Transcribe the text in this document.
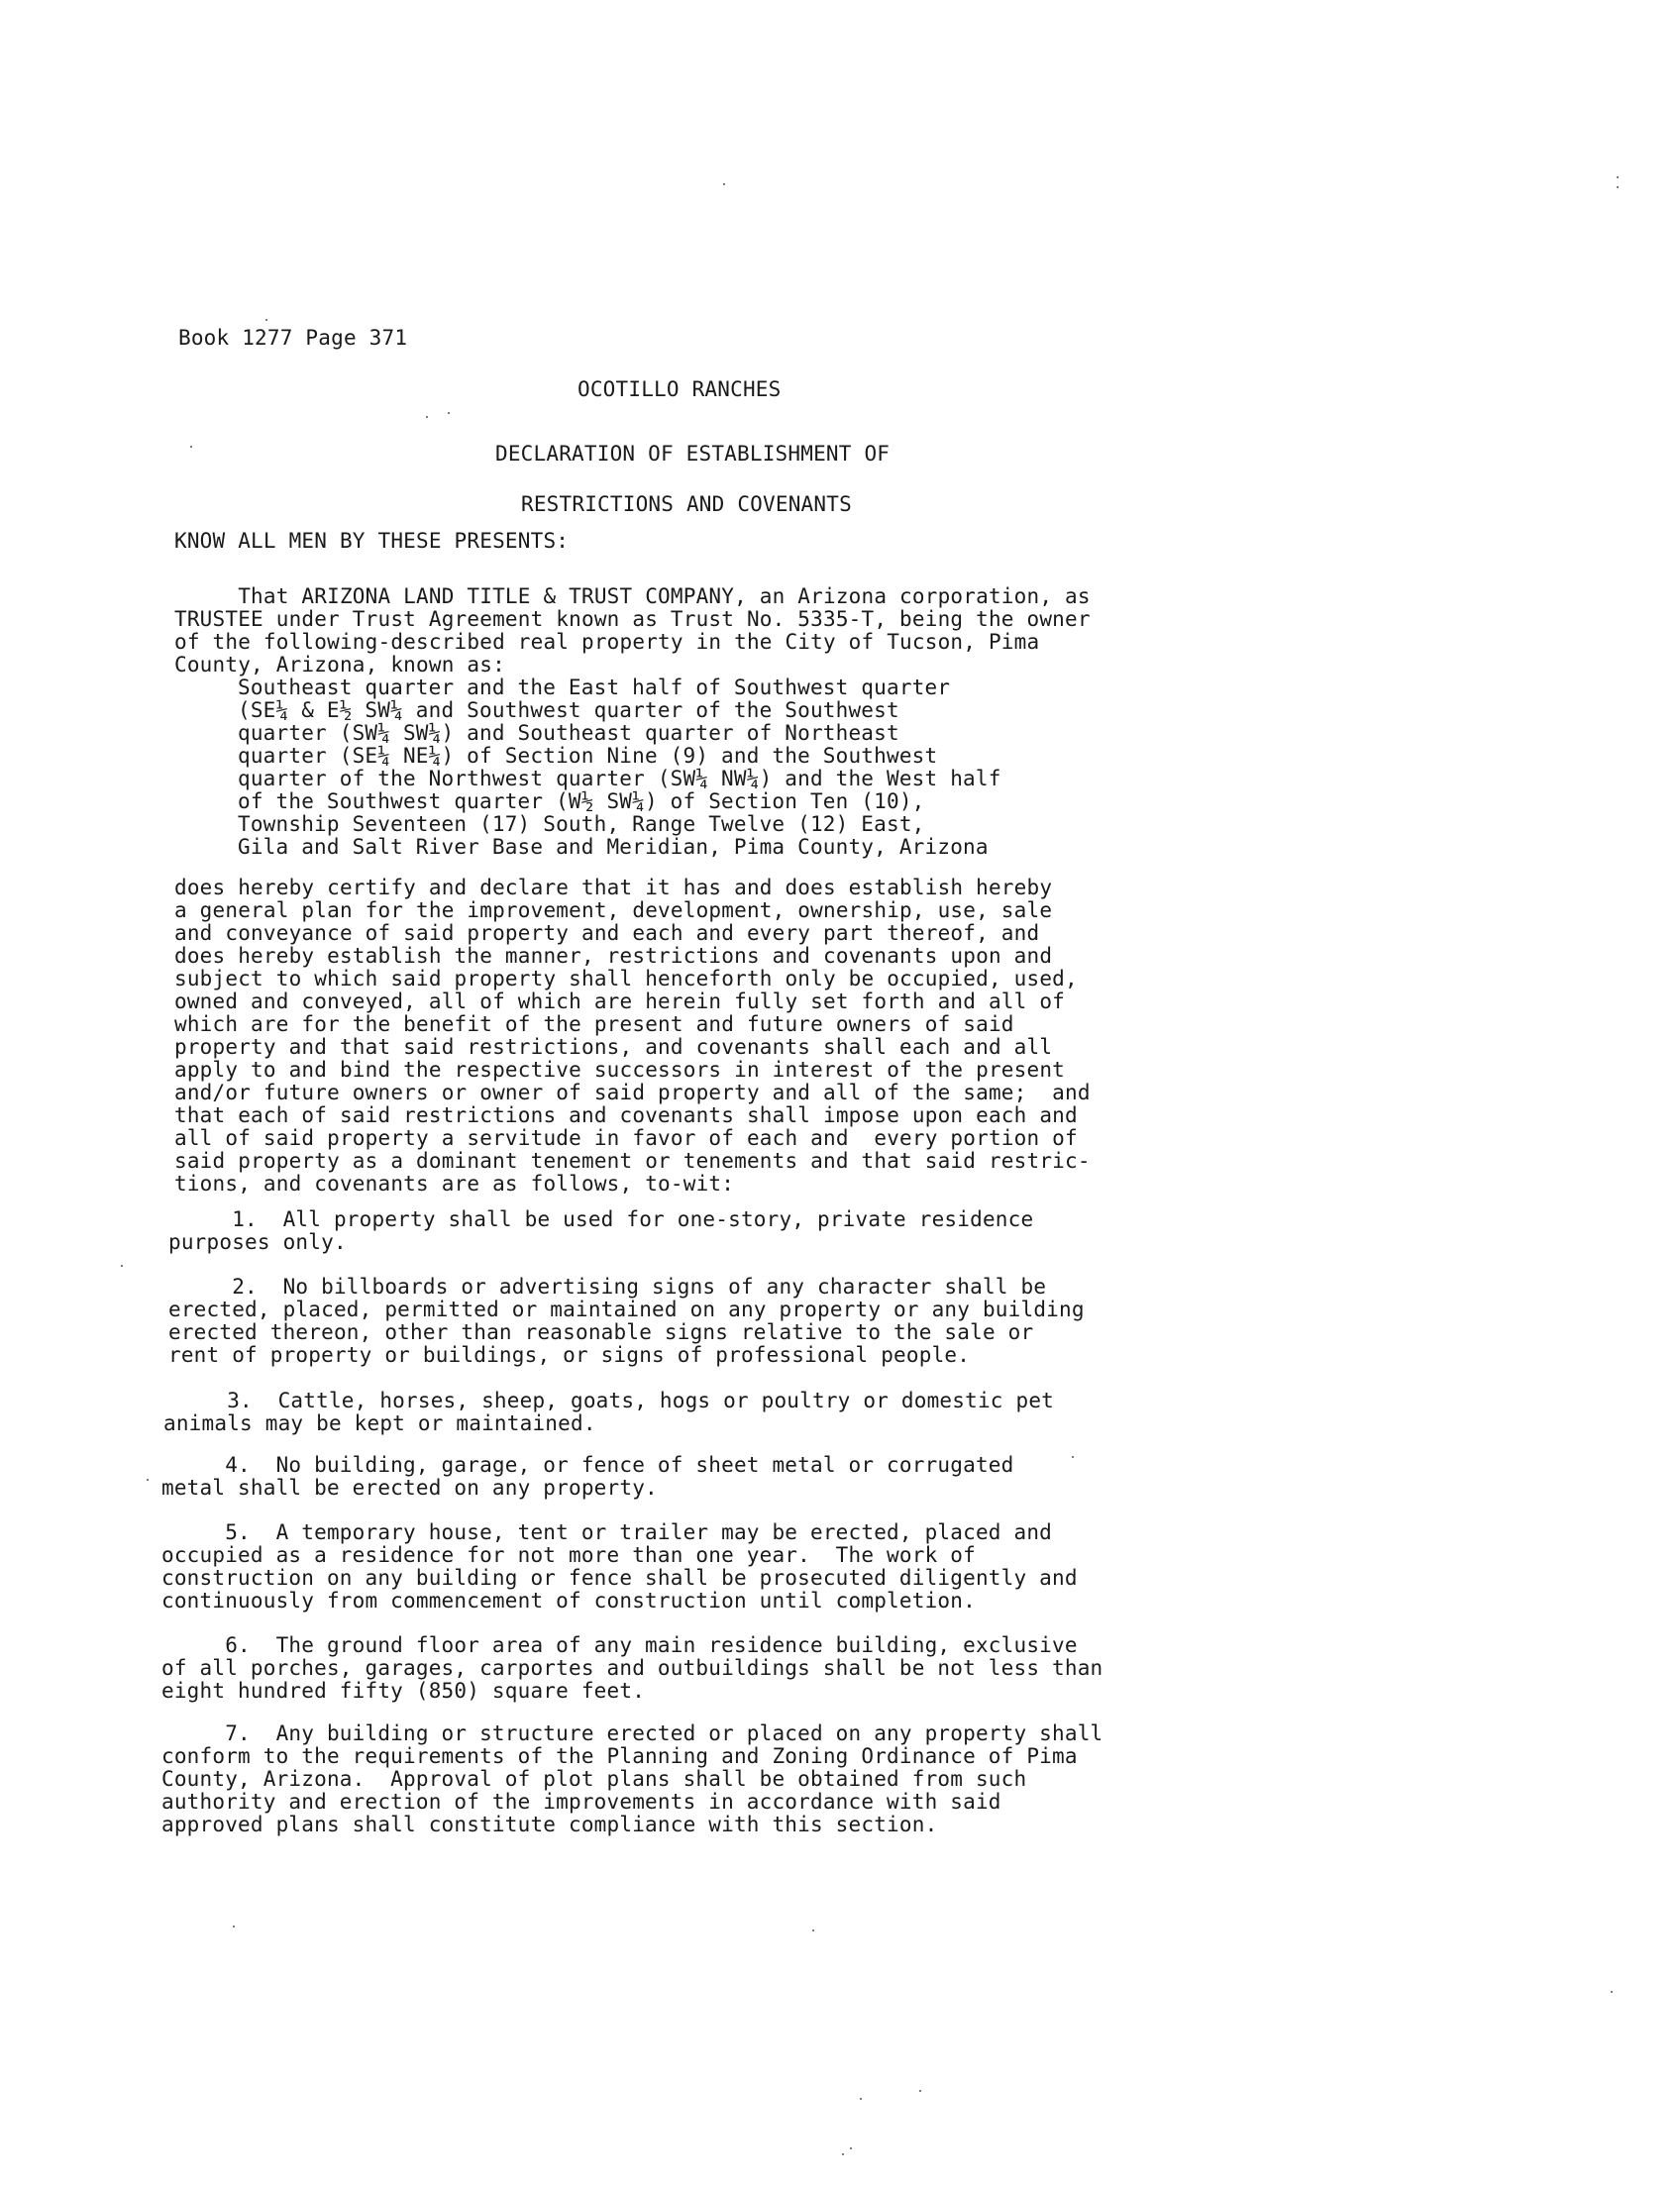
Book 1277 Page 371
OCOTILLO RANCHES
DECLARATION OF ESTABLISHMENT OF
RESTRICTIONS AND COVENANTS
KNOW ALL MEN BY THESE PRESENTS:
That ARIZONA LAND TITLE & TRUST COMPANY, an Arizona corporation, as
TRUSTEE under Trust Agreement known as Trust No. 5335-T, being the owner
of the following-described real property in the City of Tucson, Pima
County, Arizona, known as:
Southeast quarter and the East half of Southwest quarter
(SE¼ & E½ SW¼ and Southwest quarter of the Southwest
quarter (SW¼ SW¼) and Southeast quarter of Northeast
quarter (SE¼ NE¼) of Section Nine (9) and the Southwest
quarter of the Northwest quarter (SW¼ NW¼) and the West half
of the Southwest quarter (W½ SW¼) of Section Ten (10),
Township Seventeen (17) South, Range Twelve (12) East,
Gila and Salt River Base and Meridian, Pima County, Arizona
does hereby certify and declare that it has and does establish hereby
a general plan for the improvement, development, ownership, use, sale
and conveyance of said property and each and every part thereof, and
does hereby establish the manner, restrictions and covenants upon and
subject to which said property shall henceforth only be occupied, used,
owned and conveyed, all of which are herein fully set forth and all of
which are for the benefit of the present and future owners of said
property and that said restrictions, and covenants shall each and all
apply to and bind the respective successors in interest of the present
and/or future owners or owner of said property and all of the same;  and
that each of said restrictions and covenants shall impose upon each and
all of said property a servitude in favor of each and  every portion of
said property as a dominant tenement or tenements and that said restric-
tions, and covenants are as follows, to-wit:
1.  All property shall be used for one-story, private residence
purposes only.
2.  No billboards or advertising signs of any character shall be
erected, placed, permitted or maintained on any property or any building
erected thereon, other than reasonable signs relative to the sale or
rent of property or buildings, or signs of professional people.
3.  Cattle, horses, sheep, goats, hogs or poultry or domestic pet
animals may be kept or maintained.
4.  No building, garage, or fence of sheet metal or corrugated
metal shall be erected on any property.
5.  A temporary house, tent or trailer may be erected, placed and
occupied as a residence for not more than one year.  The work of
construction on any building or fence shall be prosecuted diligently and
continuously from commencement of construction until completion.
6.  The ground floor area of any main residence building, exclusive
of all porches, garages, carportes and outbuildings shall be not less than
eight hundred fifty (850) square feet.
7.  Any building or structure erected or placed on any property shall
conform to the requirements of the Planning and Zoning Ordinance of Pima
County, Arizona.  Approval of plot plans shall be obtained from such
authority and erection of the improvements in accordance with said
approved plans shall constitute compliance with this section.
